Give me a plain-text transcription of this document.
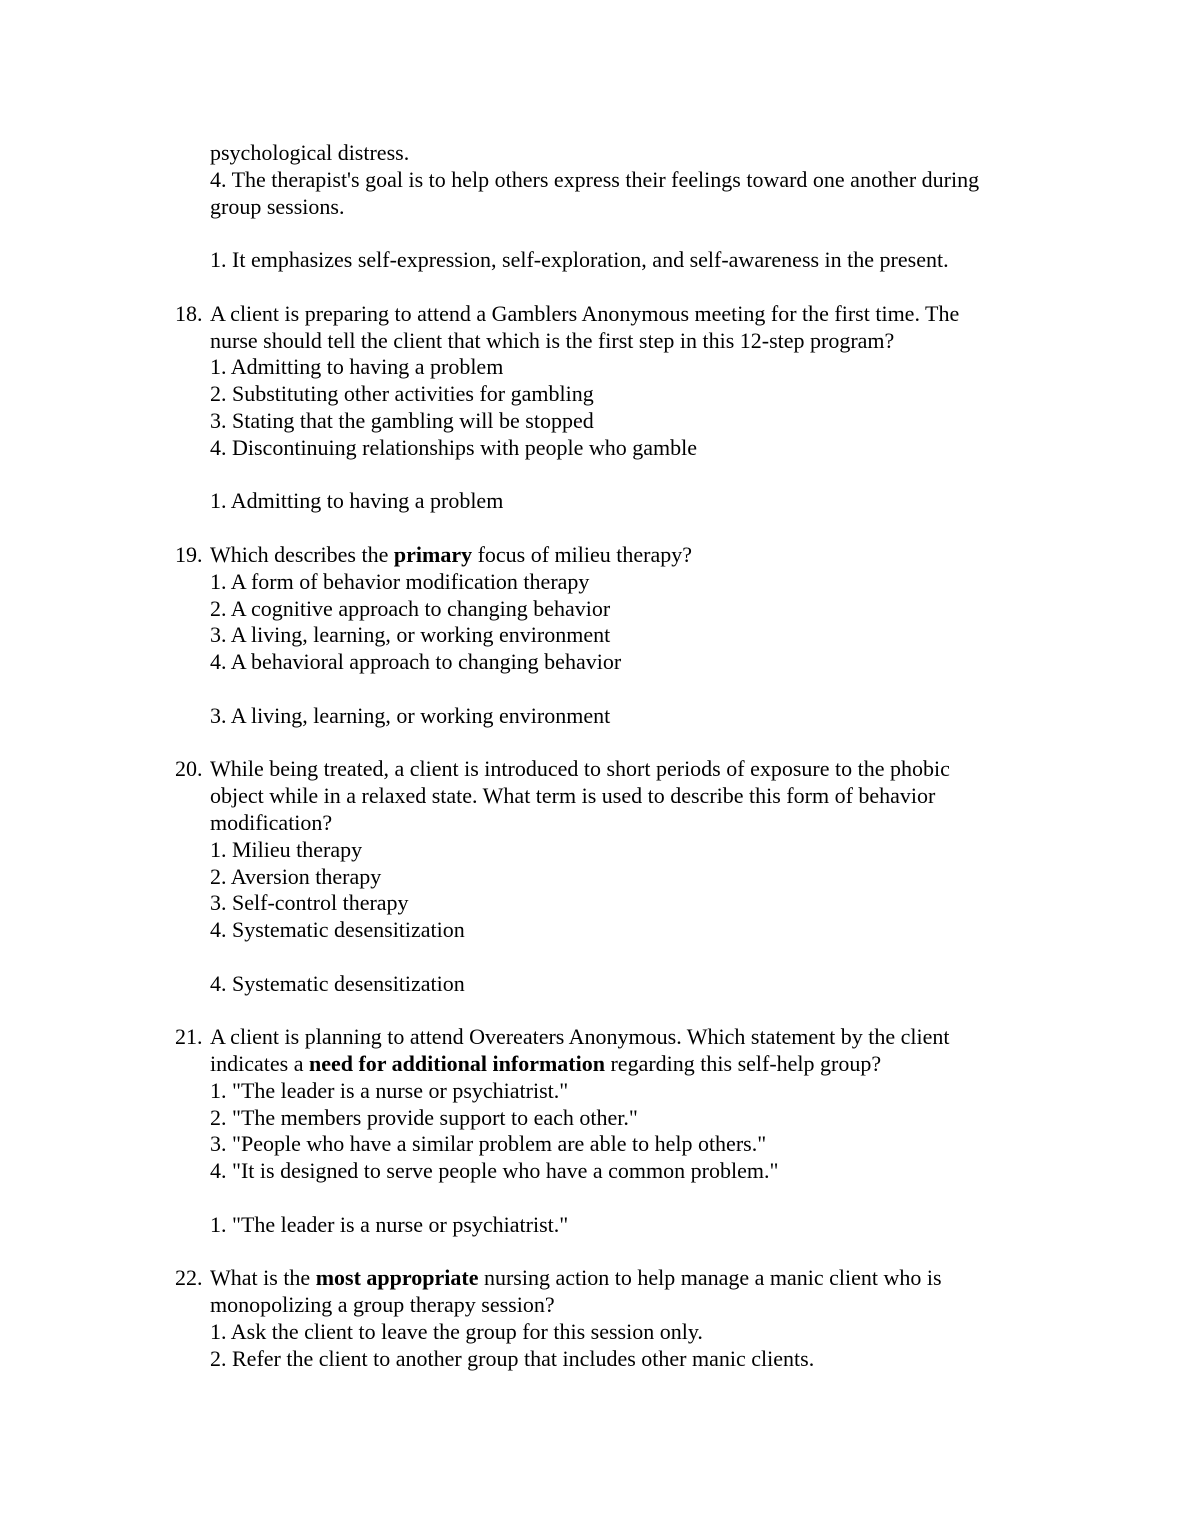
psychological distress.
4. The therapist's goal is to help others express their feelings toward one another during
group sessions.
1. It emphasizes self-expression, self-exploration, and self-awareness in the present.
18. A client is preparing to attend a Gamblers Anonymous meeting for the first time. The
nurse should tell the client that which is the first step in this 12-step program?
1. Admitting to having a problem
2. Substituting other activities for gambling
3. Stating that the gambling will be stopped
4. Discontinuing relationships with people who gamble
1. Admitting to having a problem
19. Which describes the primary focus of milieu therapy?
1. A form of behavior modification therapy
2. A cognitive approach to changing behavior
3. A living, learning, or working environment
4. A behavioral approach to changing behavior
3. A living, learning, or working environment
20. While being treated, a client is introduced to short periods of exposure to the phobic
object while in a relaxed state. What term is used to describe this form of behavior
modification?
1. Milieu therapy
2. Aversion therapy
3. Self-control therapy
4. Systematic desensitization
4. Systematic desensitization
21. A client is planning to attend Overeaters Anonymous. Which statement by the client
indicates a need for additional information regarding this self-help group?
1. "The leader is a nurse or psychiatrist."
2. "The members provide support to each other."
3. "People who have a similar problem are able to help others."
4. "It is designed to serve people who have a common problem."
1. "The leader is a nurse or psychiatrist."
22. What is the most appropriate nursing action to help manage a manic client who is
monopolizing a group therapy session?
1. Ask the client to leave the group for this session only.
2. Refer the client to another group that includes other manic clients.
